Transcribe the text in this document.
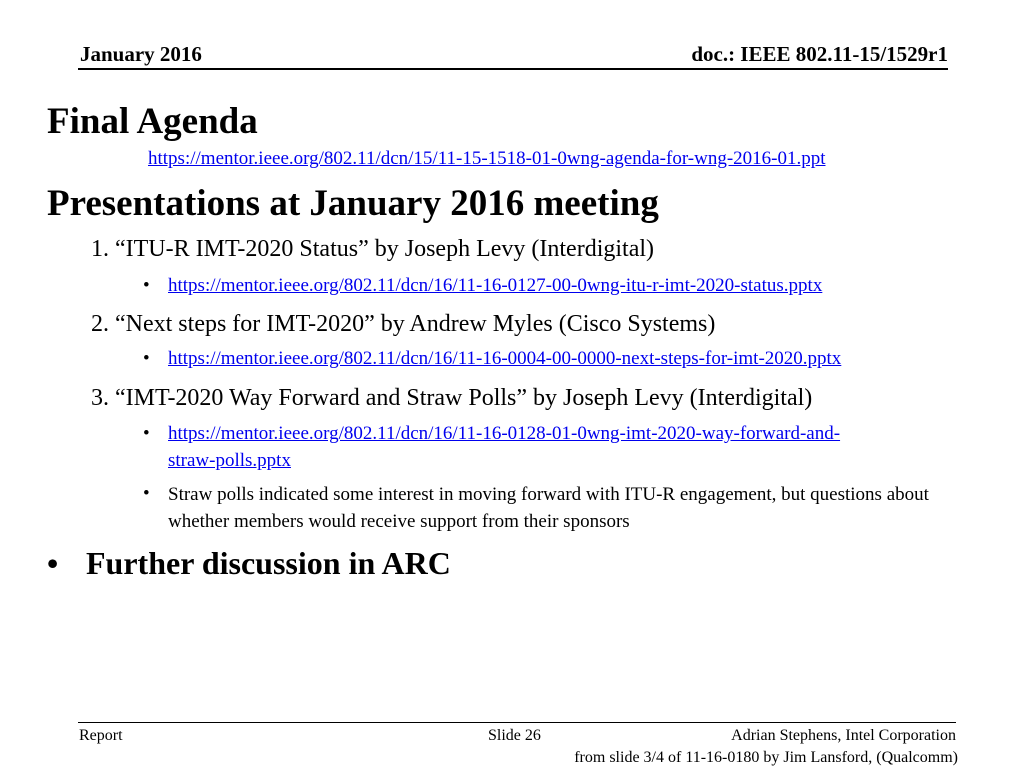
January 2016	doc.: IEEE 802.11-15/1529r1
Final Agenda
https://mentor.ieee.org/802.11/dcn/15/11-15-1518-01-0wng-agenda-for-wng-2016-01.ppt
Presentations at January 2016 meeting
1. “ITU-R IMT-2020 Status” by Joseph Levy (Interdigital)
• https://mentor.ieee.org/802.11/dcn/16/11-16-0127-00-0wng-itu-r-imt-2020-status.pptx
2. “Next steps for IMT-2020” by Andrew Myles (Cisco Systems)
• https://mentor.ieee.org/802.11/dcn/16/11-16-0004-00-0000-next-steps-for-imt-2020.pptx
3. “IMT-2020 Way Forward and Straw Polls” by Joseph Levy (Interdigital)
• https://mentor.ieee.org/802.11/dcn/16/11-16-0128-01-0wng-imt-2020-way-forward-and-
straw-polls.pptx
• Straw polls indicated some interest in moving forward with ITU-R engagement, but questions about whether members would receive support from their sponsors
• Further discussion in ARC
Report	Slide 26	Adrian Stephens, Intel Corporation
from slide 3/4 of 11-16-0180 by Jim Lansford, (Qualcomm)
